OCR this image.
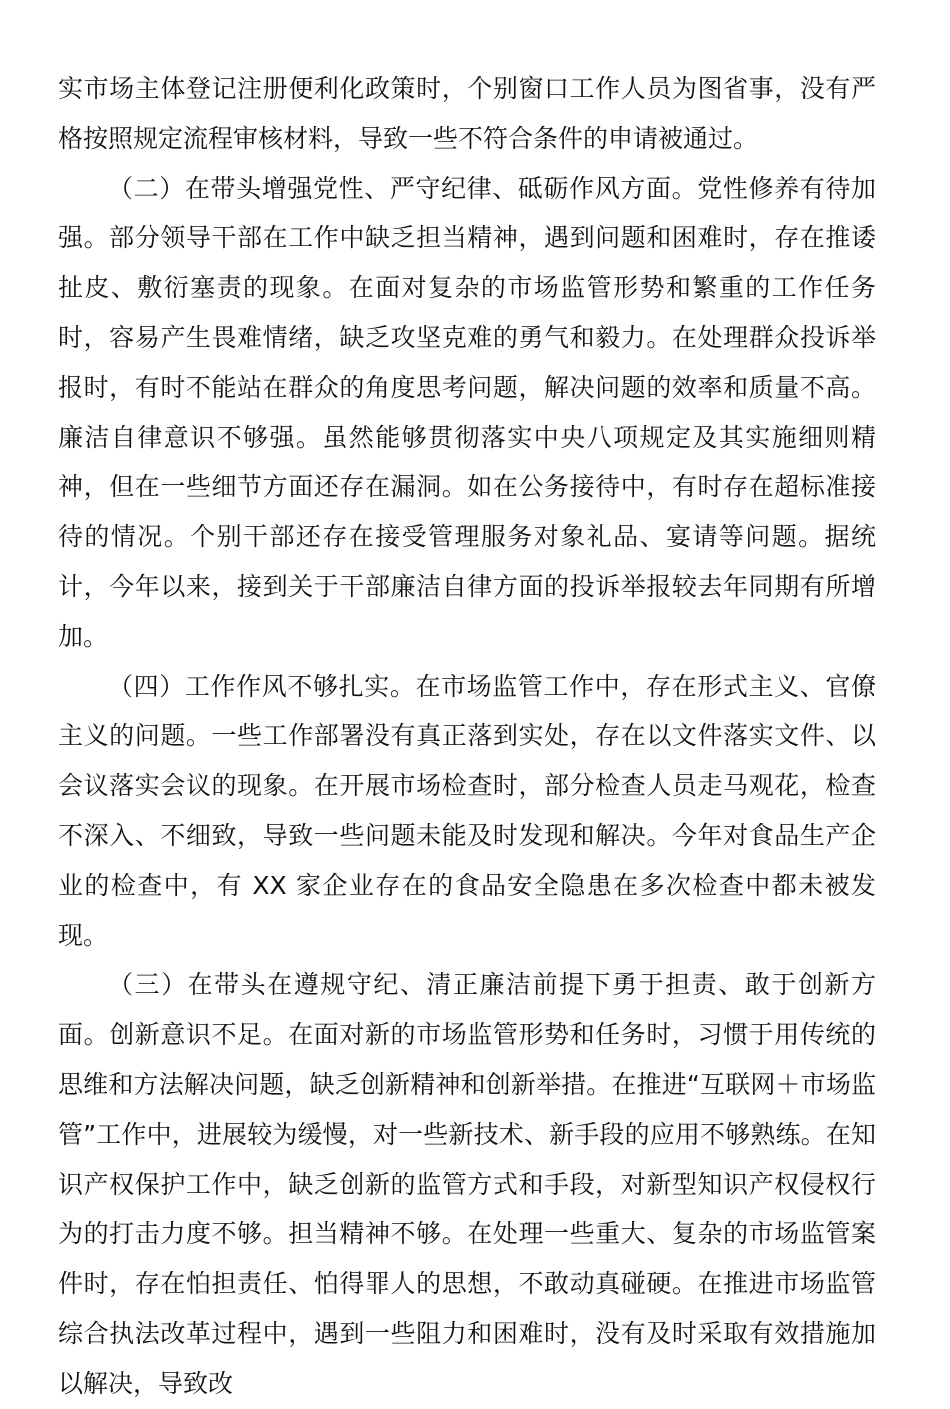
实市场主体登记注册便利化政策时，个别窗口工作人员为图省事，没有严格按照规定流程审核材料，导致一些不符合条件的申请被通过。

（二）在带头增强党性、严守纪律、砥砺作风方面。党性修养有待加强。部分领导干部在工作中缺乏担当精神，遇到问题和困难时，存在推诿扯皮、敷衍塞责的现象。在面对复杂的市场监管形势和繁重的工作任务时，容易产生畏难情绪，缺乏攻坚克难的勇气和毅力。在处理群众投诉举报时，有时不能站在群众的角度思考问题，解决问题的效率和质量不高。廉洁自律意识不够强。虽然能够贯彻落实中央八项规定及其实施细则精神，但在一些细节方面还存在漏洞。如在公务接待中，有时存在超标准接待的情况。个别干部还存在接受管理服务对象礼品、宴请等问题。据统计，今年以来，接到关于干部廉洁自律方面的投诉举报较去年同期有所增加。

（四）工作作风不够扎实。在市场监管工作中，存在形式主义、官僚主义的问题。一些工作部署没有真正落到实处，存在以文件落实文件、以会议落实会议的现象。在开展市场检查时，部分检查人员走马观花，检查不深入、不细致，导致一些问题未能及时发现和解决。今年对食品生产企业的检查中，有 XX 家企业存在的食品安全隐患在多次检查中都未被发现。

（三）在带头在遵规守纪、清正廉洁前提下勇于担责、敢于创新方面。创新意识不足。在面对新的市场监管形势和任务时，习惯于用传统的思维和方法解决问题，缺乏创新精神和创新举措。在推进“互联网＋市场监管”工作中，进展较为缓慢，对一些新技术、新手段的应用不够熟练。在知识产权保护工作中，缺乏创新的监管方式和手段，对新型知识产权侵权行为的打击力度不够。担当精神不够。在处理一些重大、复杂的市场监管案件时，存在怕担责任、怕得罪人的思想，不敢动真碰硬。在推进市场监管综合执法改革过程中，遇到一些阻力和困难时，没有及时采取有效措施加以解决，导致改
